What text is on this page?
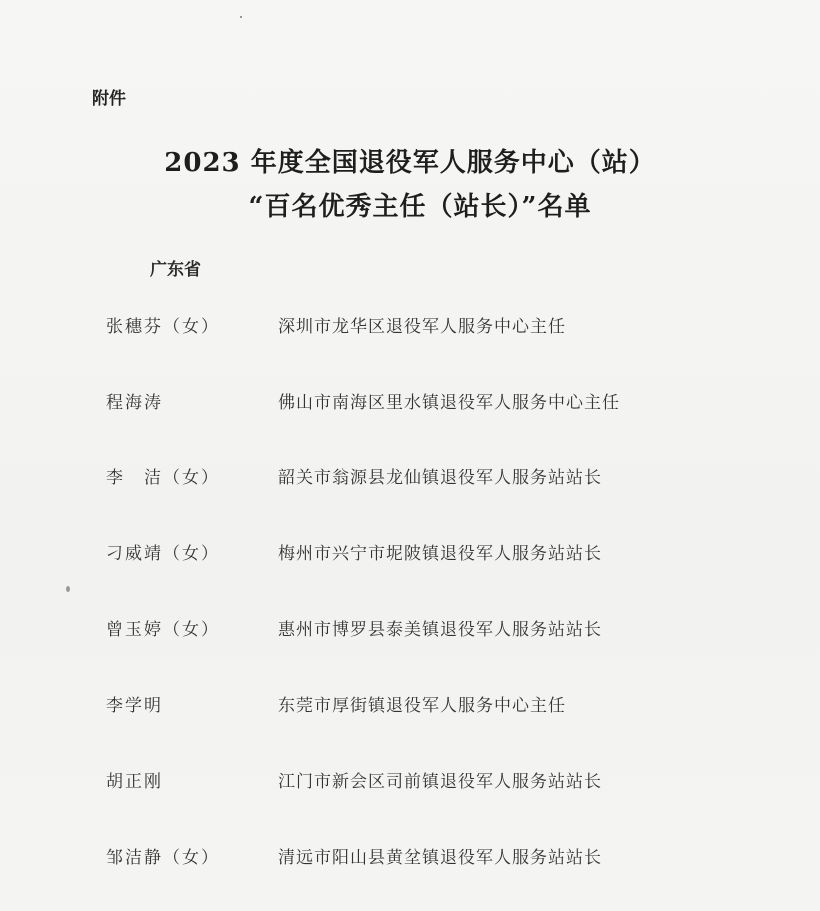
附件
2023 年度全国退役军人服务中心（站）
“百名优秀主任（站长）”名单
广东省
张穗芬（女）	深圳市龙华区退役军人服务中心主任
程海涛	佛山市南海区里水镇退役军人服务中心主任
李　洁（女）	韶关市翁源县龙仙镇退役军人服务站站长
刁威靖（女）	梅州市兴宁市坭陂镇退役军人服务站站长
曾玉婷（女）	惠州市博罗县泰美镇退役军人服务站站长
李学明	东莞市厚街镇退役军人服务中心主任
胡正刚	江门市新会区司前镇退役军人服务站站长
邹洁静（女）	清远市阳山县黄坌镇退役军人服务站站长
